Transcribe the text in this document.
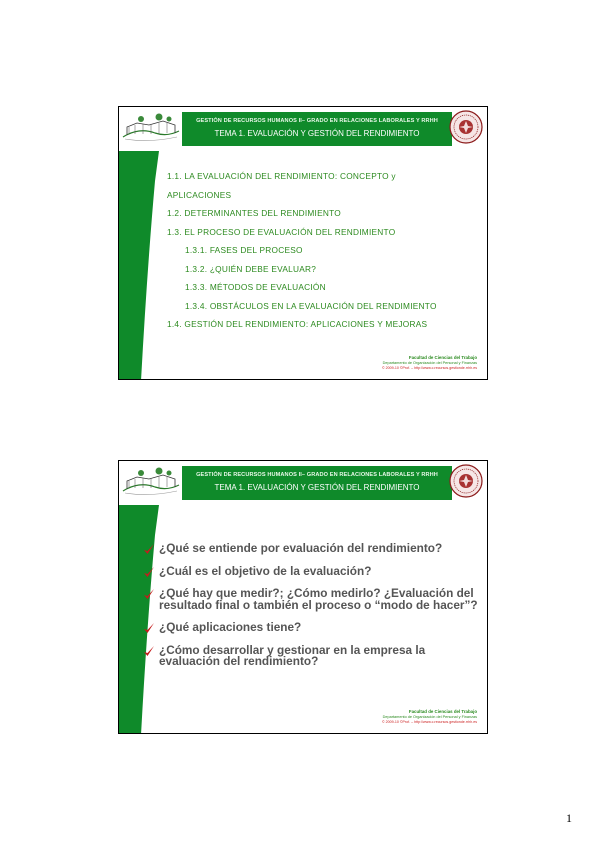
GESTIÓN DE RECURSOS HUMANOS II– GRADO EN RELACIONES LABORALES Y RRHH
TEMA 1. EVALUACIÓN Y GESTIÓN DEL RENDIMIENTO
1.1. LA EVALUACIÓN DEL RENDIMIENTO: CONCEPTO y
APLICACIONES
1.2. DETERMINANTES DEL RENDIMIENTO
1.3. EL PROCESO DE EVALUACIÓN DEL RENDIMIENTO
1.3.1. FASES DEL PROCESO
1.3.2. ¿QUIÉN DEBE EVALUAR?
1.3.3. MÉTODOS DE EVALUACIÓN
1.3.4. OBSTÁCULOS EN LA EVALUACIÓN DEL RENDIMIENTO
1.4. GESTIÓN DEL RENDIMIENTO: APLICACIONES Y MEJORAS
Facultad de Ciencias del Trabajo
Departamento de Organización del Personal y Finanzas
© 2009-10 ©Prof. – http://www.c.recursos.gestionde.rrhh.es
GESTIÓN DE RECURSOS HUMANOS II– GRADO EN RELACIONES LABORALES Y RRHH
TEMA 1. EVALUACIÓN Y GESTIÓN DEL RENDIMIENTO
¿Qué se entiende por evaluación del rendimiento?
¿Cuál es el objetivo de la evaluación?
¿Qué hay que medir?; ¿Cómo medirlo? ¿Evaluación del resultado final o también el proceso o “modo de hacer”?
¿Qué aplicaciones tiene?
¿Cómo desarrollar y gestionar en la empresa la evaluación del rendimiento?
Facultad de Ciencias del Trabajo
Departamento de Organización del Personal y Finanzas
© 2009-10 ©Prof. – http://www.c.recursos.gestionde.rrhh.es
1
